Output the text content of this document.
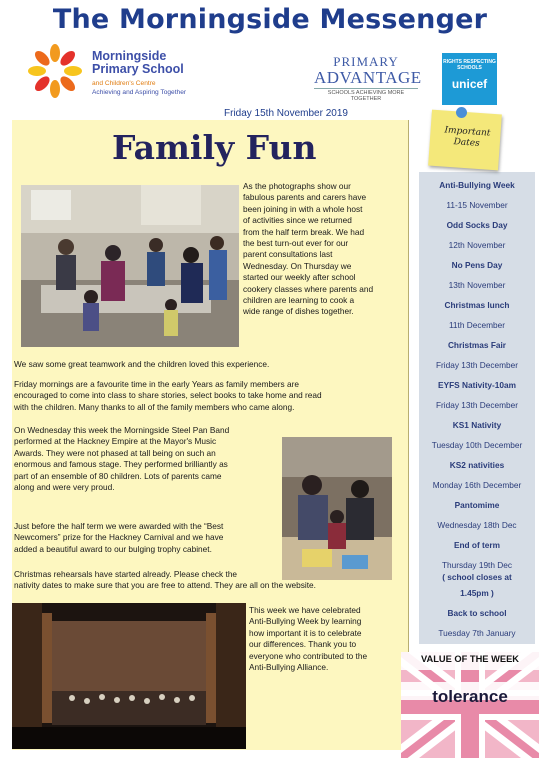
The Morningside Messenger
Morningside
Primary School
and Children's Centre
Achieving and Aspiring Together
PRIMARY
ADVANTAGE
SCHOOLS ACHIEVING MORE TOGETHER
RIGHTS RESPECTING SCHOOLS
unicef
Friday 15th November 2019
Family Fun
As the photographs show our
fabulous parents and carers have
been joining in with a whole host
of activities since we returned
from the half term break. We had
the best turn-out ever for our
parent consultations last
Wednesday. On Thursday we
started our weekly after school
cookery classes where parents and
children are learning to cook a
wide range of dishes together.
We saw some great teamwork and the children loved this experience.
Friday mornings are a favourite time in the early Years as family members are
encouraged to come into class to share stories, select books to take home and read
with the children. Many thanks to all of the family members who came along.
On Wednesday this week the Morningside Steel Pan Band
performed at the Hackney Empire at the Mayor's Music
Awards. They were not phased at tall being on such an
enormous and famous stage. They performed brilliantly as
part of an ensemble of 80 children. Lots of parents came
along and were very proud.
Just before the half term we were awarded with the “Best
Newcomers” prize for the Hackney Carnival and we have
added a beautiful award to our bulging trophy cabinet.
Christmas rehearsals have started already. Please check the
nativity dates to make sure that you are free to attend. They are all on the website.
This week we have celebrated
Anti-Bullying Week by learning
how important it is to celebrate
our differences. Thank you to
everyone who contributed to the
Anti-Bullying Alliance.
Anti-Bullying Week
11-15 November
Odd Socks Day
12th November
No Pens Day
13th November
Christmas lunch
11th December
Christmas Fair
Friday 13th December
EYFS Nativity-10am
Friday 13th December
KS1 Nativity
Tuesday 10th December
KS2 nativities
Monday 16th December
Pantomime
Wednesday 18th Dec
End of term
Thursday 19th Dec
( school closes at
1.45pm )
Back to school
Tuesday 7th January
Important Dates
VALUE OF THE WEEK
tolerance
